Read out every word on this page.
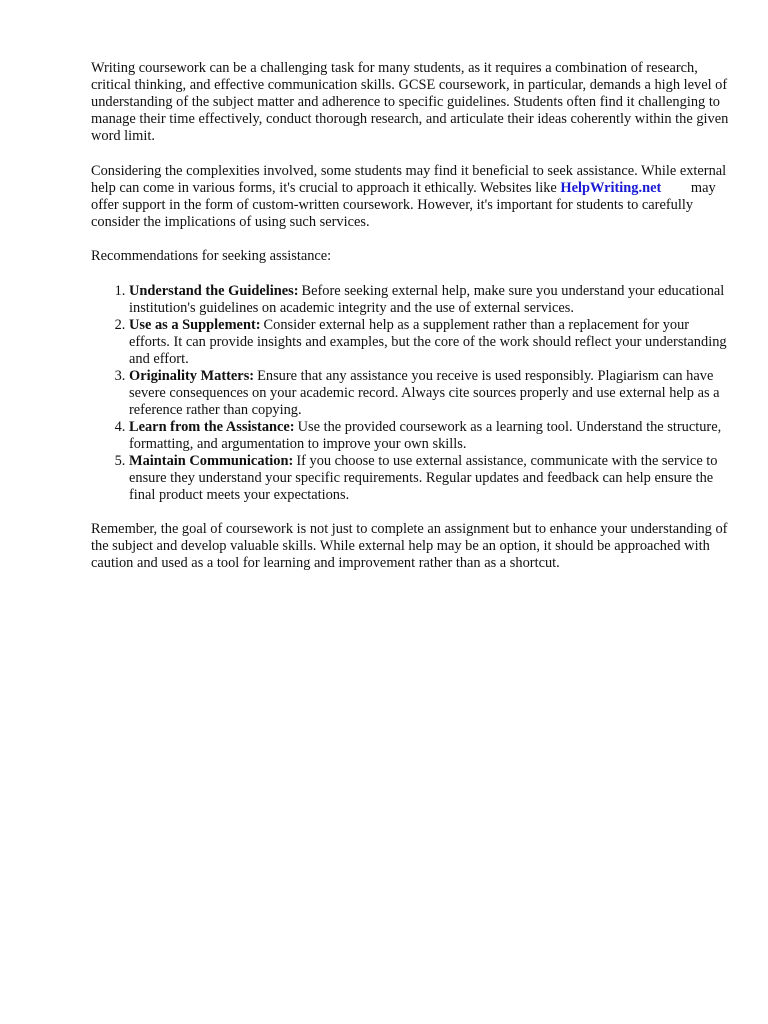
Writing coursework can be a challenging task for many students, as it requires a combination of research, critical thinking, and effective communication skills. GCSE coursework, in particular, demands a high level of understanding of the subject matter and adherence to specific guidelines. Students often find it challenging to manage their time effectively, conduct thorough research, and articulate their ideas coherently within the given word limit.

Considering the complexities involved, some students may find it beneficial to seek assistance. While external help can come in various forms, it's crucial to approach it ethically. Websites like HelpWriting.net may offer support in the form of custom-written coursework. However, it's important for students to carefully consider the implications of using such services.

Recommendations for seeking assistance:

1. Understand the Guidelines: Before seeking external help, make sure you understand your educational institution's guidelines on academic integrity and the use of external services.
2. Use as a Supplement: Consider external help as a supplement rather than a replacement for your efforts. It can provide insights and examples, but the core of the work should reflect your understanding and effort.
3. Originality Matters: Ensure that any assistance you receive is used responsibly. Plagiarism can have severe consequences on your academic record. Always cite sources properly and use external help as a reference rather than copying.
4. Learn from the Assistance: Use the provided coursework as a learning tool. Understand the structure, formatting, and argumentation to improve your own skills.
5. Maintain Communication: If you choose to use external assistance, communicate with the service to ensure they understand your specific requirements. Regular updates and feedback can help ensure the final product meets your expectations.

Remember, the goal of coursework is not just to complete an assignment but to enhance your understanding of the subject and develop valuable skills. While external help may be an option, it should be approached with caution and used as a tool for learning and improvement rather than as a shortcut.
